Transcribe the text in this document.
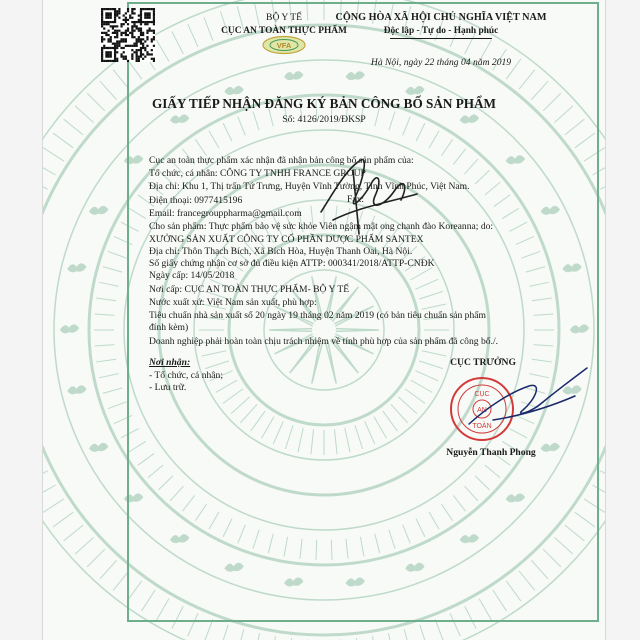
BỘ Y TẾ
CỤC AN TOÀN THỰC PHẨM
VFA
CỘNG HÒA XÃ HỘI CHỦ NGHĨA VIỆT NAM
Độc lập - Tự do - Hạnh phúc
Hà Nội, ngày 22 tháng 04 năm 2019
GIẤY TIẾP NHẬN ĐĂNG KÝ BẢN CÔNG BỐ SẢN PHẨM
Số: 4126/2019/ĐKSP
Cục an toàn thực phẩm xác nhận đã nhận bản công bố sản phẩm của:
Tổ chức, cá nhân: CÔNG TY TNHH FRANCE GROUP
Địa chỉ: Khu 1, Thị trấn Tứ Trưng, Huyện Vĩnh Tường, Tỉnh Vĩnh Phúc, Việt Nam.
Fax:
Điện thoại: 0977415196
Email: francegrouppharma@gmail.com
Cho sản phẩm: Thực phẩm bảo vệ sức khỏe Viên ngậm mật ong chanh đào Koreanna; do:
XƯỞNG SẢN XUẤT CÔNG TY CỔ PHẦN DƯỢC PHẨM SANTEX
Địa chỉ: Thôn Thạch Bích, Xã Bích Hòa, Huyện Thanh Oai, Hà Nội.
Số giấy chứng nhận cơ sở đủ điều kiện ATTP: 000341/2018/ATTP-CNĐK
Ngày cấp: 14/05/2018
Nơi cấp: CỤC AN TOÀN THỰC PHẨM- BỘ Y TẾ
Nước xuất xứ: Việt Nam sản xuất, phù hợp:
Tiêu chuẩn nhà sản xuất số 20 ngày 19 tháng 02 năm 2019 (có bản tiêu chuẩn sản phẩm
đính kèm)
Doanh nghiệp phải hoàn toàn chịu trách nhiệm về tính phù hợp của sản phẩm đã công bố./.
Nơi nhận:
- Tổ chức, cá nhân;
- Lưu trữ.
CỤC TRƯỞNG
CỤC
AN
TOÀN
Nguyễn Thanh Phong
